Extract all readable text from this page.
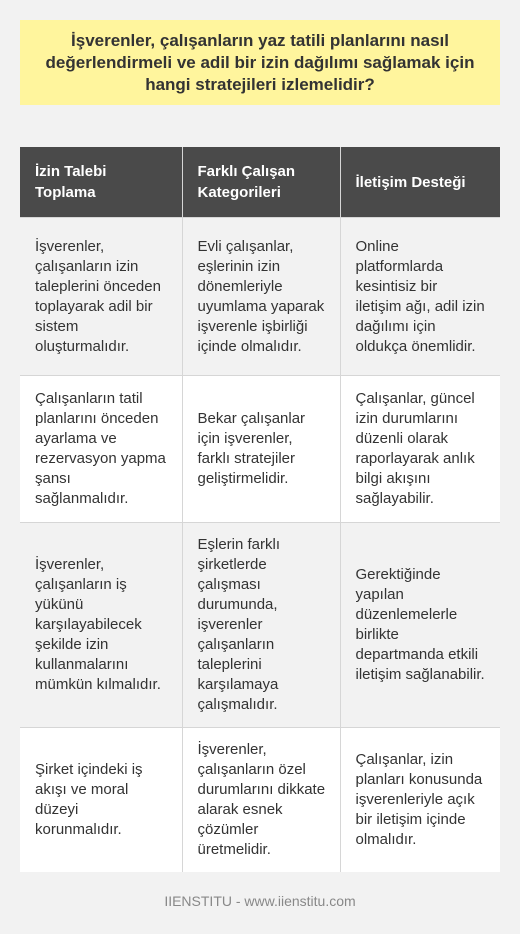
İşverenler, çalışanların yaz tatili planlarını nasıl değerlendirmeli ve adil bir izin dağılımı sağlamak için hangi stratejileri izlemelidir?
İzin Talebi Toplama	Farklı Çalışan Kategorileri	İletişim Desteği
İşverenler, çalışanların izin taleplerini önceden toplayarak adil bir sistem oluşturmalıdır.	Evli çalışanlar, eşlerinin izin dönemleriyle uyumlama yaparak işverenle işbirliği içinde olmalıdır.	Online platformlarda kesintisiz bir iletişim ağı, adil izin dağılımı için oldukça önemlidir.
Çalışanların tatil planlarını önceden ayarlama ve rezervasyon yapma şansı sağlanmalıdır.	Bekar çalışanlar için işverenler, farklı stratejiler geliştirmelidir.	Çalışanlar, güncel izin durumlarını düzenli olarak raporlayarak anlık bilgi akışını sağlayabilir.
İşverenler, çalışanların iş yükünü karşılayabilecek şekilde izin kullanmalarını mümkün kılmalıdır.	Eşlerin farklı şirketlerde çalışması durumunda, işverenler çalışanların taleplerini karşılamaya çalışmalıdır.	Gerektiğinde yapılan düzenlemelerle birlikte departmanda etkili iletişim sağlanabilir.
Şirket içindeki iş akışı ve moral düzeyi korunmalıdır.	İşverenler, çalışanların özel durumlarını dikkate alarak esnek çözümler üretmelidir.	Çalışanlar, izin planları konusunda işverenleriyle açık bir iletişim içinde olmalıdır.
IIENSTITU - www.iienstitu.com
